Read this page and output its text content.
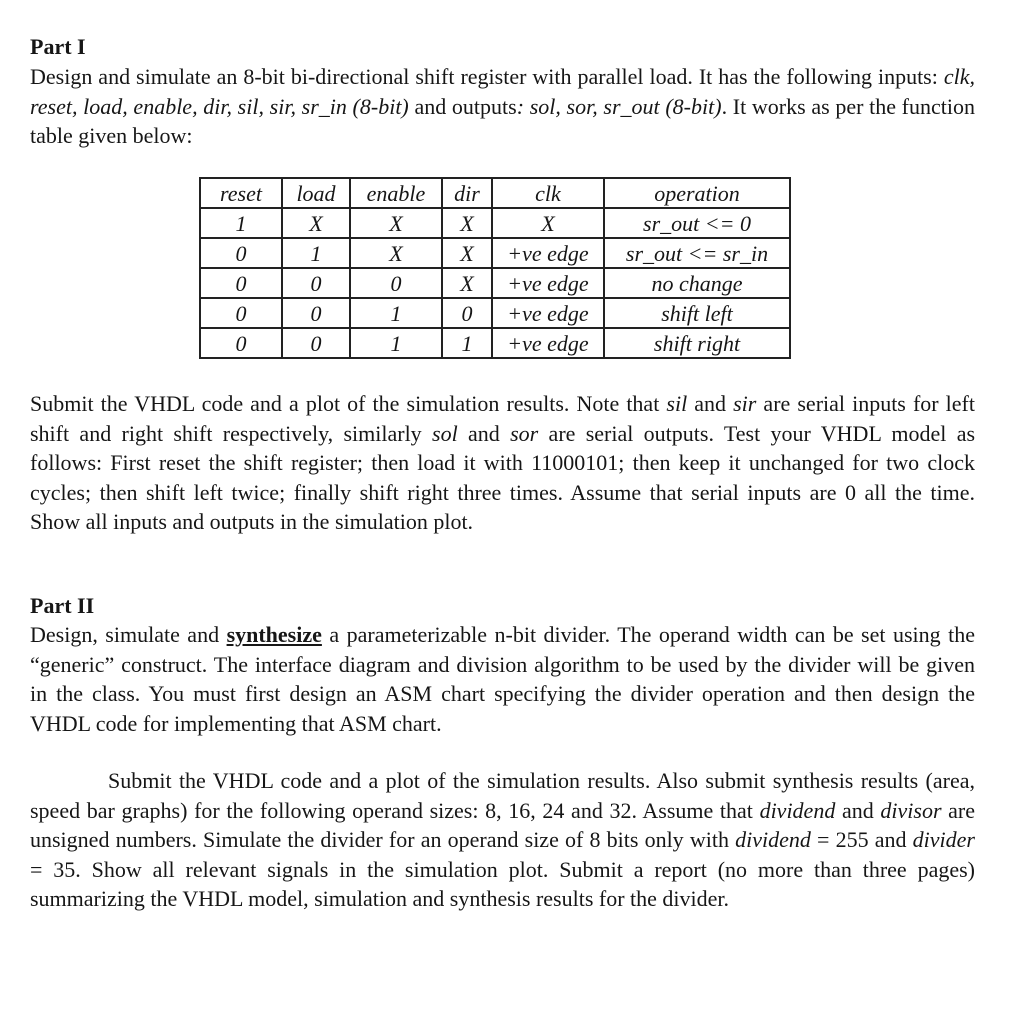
Part I

Design and simulate an 8-bit bi-directional shift register with parallel load. It has the following inputs: clk, reset, load, enable, dir, sil, sir, sr_in (8-bit) and outputs: sol, sor, sr_out (8-bit). It works as per the function table given below:

reset	load	enable	dir	clk	operation
1	X	X	X	X	sr_out <= 0
0	1	X	X	+ve edge	sr_out <= sr_in
0	0	0	X	+ve edge	no change
0	0	1	0	+ve edge	shift left
0	0	1	1	+ve edge	shift right

Submit the VHDL code and a plot of the simulation results. Note that sil and sir are serial inputs for left shift and right shift respectively, similarly sol and sor are serial outputs. Test your VHDL model as follows: First reset the shift register; then load it with 11000101; then keep it unchanged for two clock cycles; then shift left twice; finally shift right three times. Assume that serial inputs are 0 all the time. Show all inputs and outputs in the simulation plot.

Part II

Design, simulate and synthesize a parameterizable n-bit divider. The operand width can be set using the “generic” construct. The interface diagram and division algorithm to be used by the divider will be given in the class. You must first design an ASM chart specifying the divider operation and then design the VHDL code for implementing that ASM chart.

Submit the VHDL code and a plot of the simulation results. Also submit synthesis results (area, speed bar graphs) for the following operand sizes: 8, 16, 24 and 32. Assume that dividend and divisor are unsigned numbers. Simulate the divider for an operand size of 8 bits only with dividend = 255 and divider = 35. Show all relevant signals in the simulation plot. Submit a report (no more than three pages) summarizing the VHDL model, simulation and synthesis results for the divider.
